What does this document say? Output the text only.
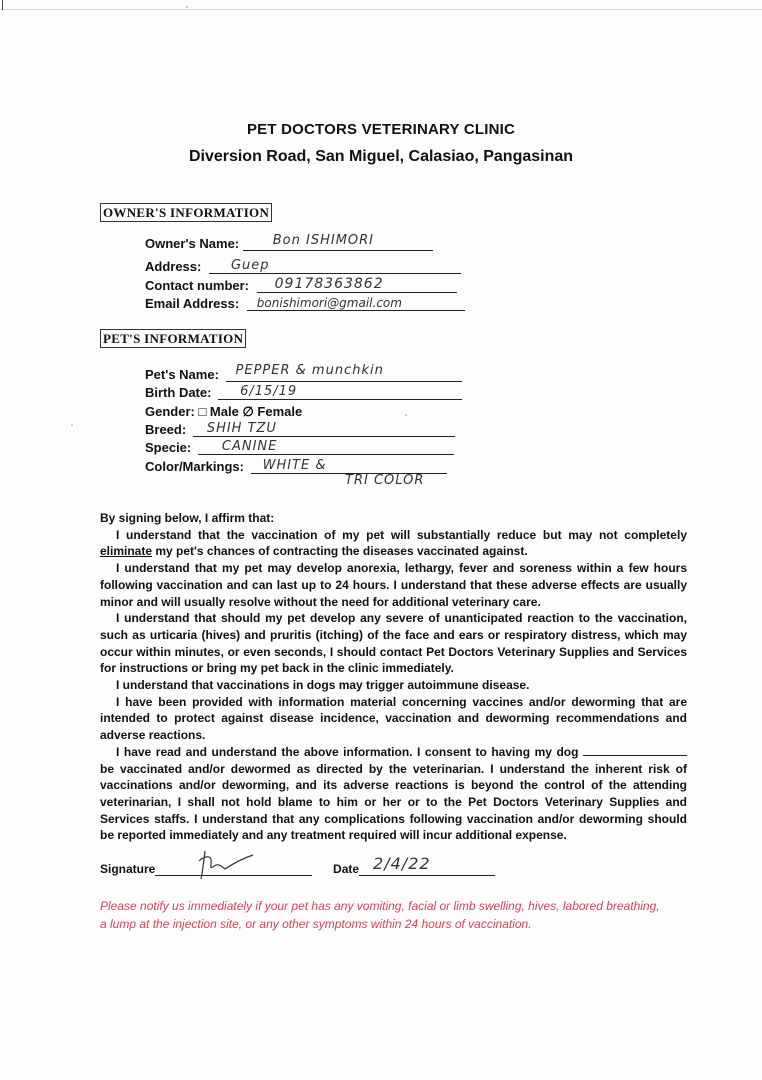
PET DOCTORS VETERINARY CLINIC
Diversion Road, San Miguel, Calasiao, Pangasinan
OWNER'S INFORMATION
Owner's Name:	Bon ISHIMORI
Address: Guep
Contact number: 09178363862
Email Address: bonishimori@gmail.com
PET'S INFORMATION
Pet's Name: PEPPER & munchkin
Birth Date: 6/15/19
Gender: □ Male ∅ Female
Breed: SHIH TZU
Specie: CANINE
Color/Markings: WHITE &
TRI COLOR

By signing below, I affirm that:

I understand that the vaccination of my pet will substantially reduce but may not completely eliminate my pet's chances of contracting the diseases vaccinated against.

I understand that my pet may develop anorexia, lethargy, fever and soreness within a few hours following vaccination and can last up to 24 hours. I understand that these adverse effects are usually minor and will usually resolve without the need for additional veterinary care.

I understand that should my pet develop any severe of unanticipated reaction to the vaccination, such as urticaria (hives) and pruritis (itching) of the face and ears or respiratory distress, which may occur within minutes, or even seconds, I should contact Pet Doctors Veterinary Supplies and Services for instructions or bring my pet back in the clinic immediately.

I understand that vaccinations in dogs may trigger autoimmune disease.

I have been provided with information material concerning vaccines and/or deworming that are intended to protect against disease incidence, vaccination and deworming recommendations and adverse reactions.

I have read and understand the above information. I consent to having my dog  be vaccinated and/or dewormed as directed by the veterinarian. I understand the inherent risk of vaccinations and/or deworming, and its adverse reactions is beyond the control of the attending veterinarian, I shall not hold blame to him or her or to the Pet Doctors Veterinary Supplies and Services staffs. I understand that any complications following vaccination and/or deworming should be reported immediately and any treatment required will incur additional expense.

Signature	Date 2/4/22
Please notify us immediately if your pet has any vomiting, facial or limb swelling, hives, labored breathing, a lump at the injection site, or any other symptoms within 24 hours of vaccination.
